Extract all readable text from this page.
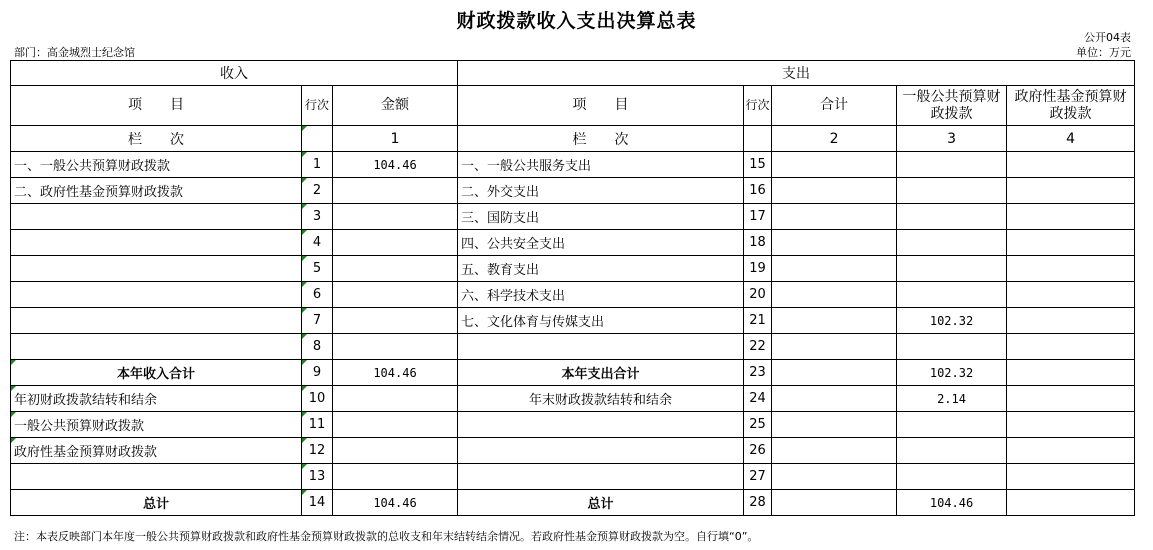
财政拨款收入支出决算总表
公开04表
部门：高金城烈士纪念馆	单位：万元
收入			支出				
项　　目	行次	金额	项　　目	行次	合计	一般公共预算财政拨款	政府性基金预算财政拨款
栏　　次		1	栏　　次		2	3	4
一、一般公共预算财政拨款	1	104.46	一、一般公共服务支出	15			
二、政府性基金预算财政拨款	2		二、外交支出	16			
	3		三、国防支出	17			
	4		四、公共安全支出	18			
	5		五、教育支出	19			
	6		六、科学技术支出	20			
	7		七、文化体育与传媒支出	21		102.32	
	8			22			
本年收入合计	9	104.46	本年支出合计	23		102.32	
年初财政拨款结转和结余	10		年末财政拨款结转和结余	24		2.14	
一般公共预算财政拨款	11			25			
政府性基金预算财政拨款	12			26			
	13			27			
总计	14	104.46	总计	28		104.46	
注：本表反映部门本年度一般公共预算财政拨款和政府性基金预算财政拨款的总收支和年末结转结余情况。若政府性基金预算财政拨款为空。自行填“0”。
